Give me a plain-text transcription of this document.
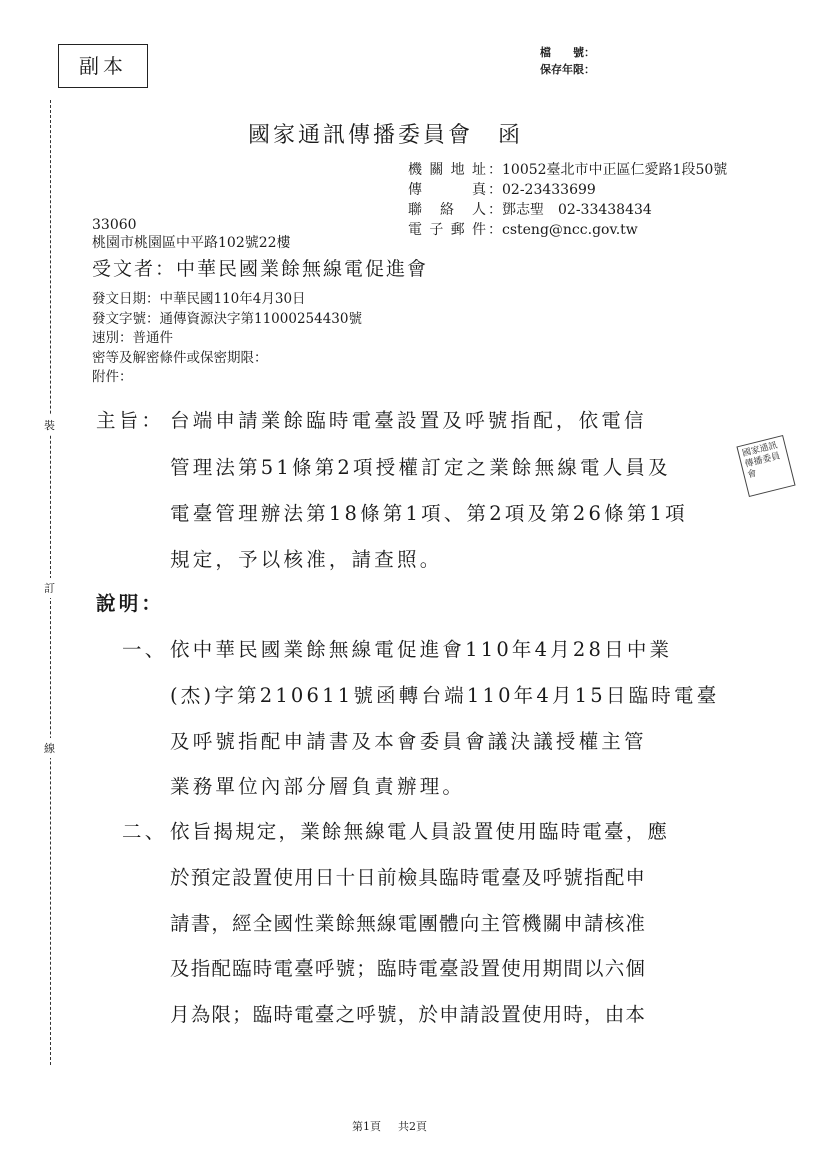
副本
檔　　號：
保存年限：
裝
訂
線
國家通訊傳播委員會　函
機關地址：10052臺北市中正區仁愛路1段50號
傳真：02-23433699
聯絡人：鄧志聖　02-33438434
電子郵件：csteng@ncc.gov.tw
33060
桃園市桃園區中平路102號22樓
受文者：中華民國業餘無線電促進會
發文日期：中華民國110年4月30日
發文字號：通傳資源決字第11000254430號
速別：普通件
密等及解密條件或保密期限：
附件：
主旨： 台端申請業餘臨時電臺設置及呼號指配，依電信
管理法第51條第2項授權訂定之業餘無線電人員及
電臺管理辦法第18條第1項、第2項及第26條第1項
規定，予以核准，請查照。
說明：
一、 依中華民國業餘無線電促進會110年4月28日中業
(杰)字第210611號函轉台端110年4月15日臨時電臺
及呼號指配申請書及本會委員會議決議授權主管
業務單位內部分層負責辦理。
二、 依旨揭規定，業餘無線電人員設置使用臨時電臺，應
於預定設置使用日十日前檢具臨時電臺及呼號指配申
請書，經全國性業餘無線電團體向主管機關申請核准
及指配臨時電臺呼號；臨時電臺設置使用期間以六個
月為限；臨時電臺之呼號，於申請設置使用時，由本
國家通訊傳播委員會
第1頁 共2頁
